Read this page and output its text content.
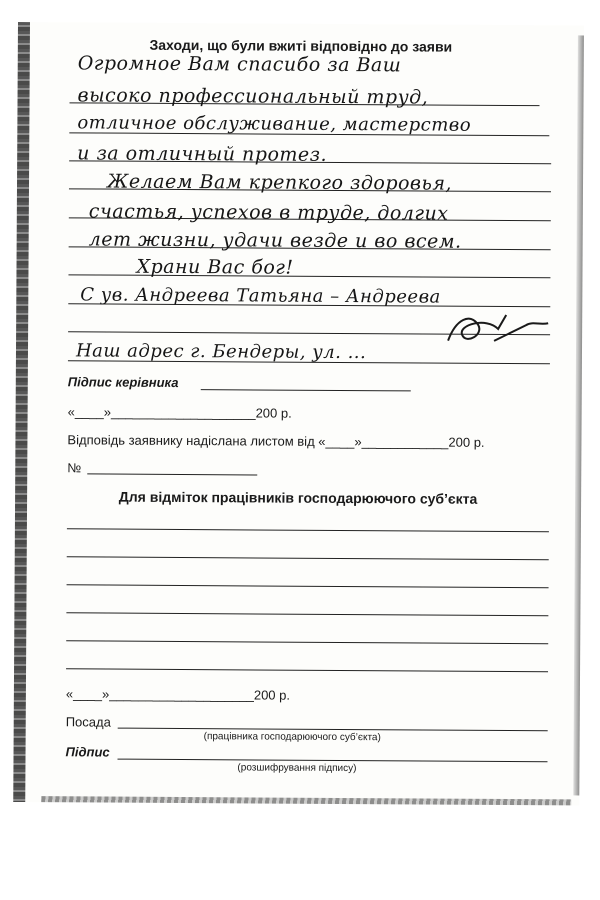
Заходи, що були вжиті відповідно до заяви
Огромное Вам спасибо за Ваш
высоко профессиональный труд,
отличное обслуживание, мастерство
и за отличный протез.
Желаем Вам крепкого здоровья,
счастья, успехов в труде, долгих
лет жизни, удачи везде и во всем.
Храни Вас бог!
С ув. Андреева Татьяна – Андреева
Наш адрес г. Бендеры, ул. ...
Підпис керівника
«____»____________________200 р.
Відповідь заявнику надіслана листом від «____»____________200 р.
№
Для відміток працівників господарюючого суб’єкта
«____»____________________200 р.
Посада
(працівника господарюючого суб’єкта)
Підпис
(розшифрування підпису)
